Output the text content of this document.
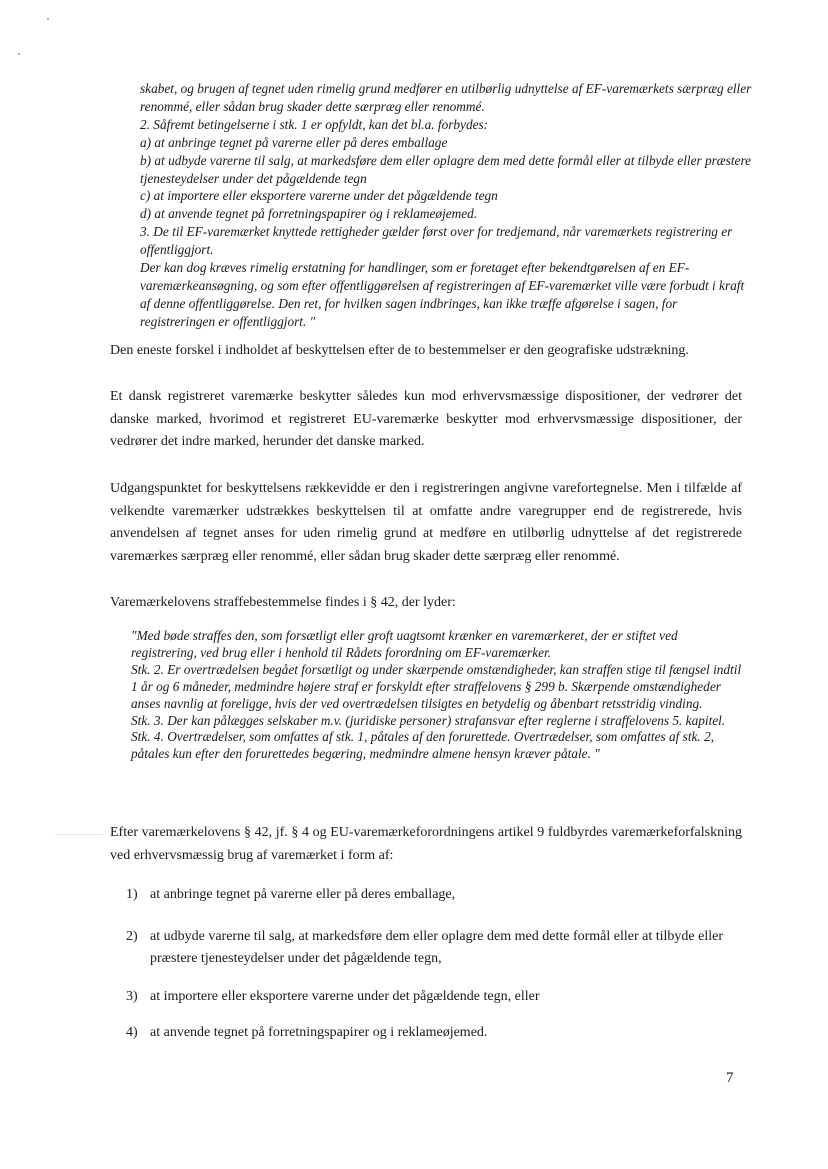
skabet, og brugen af tegnet uden rimelig grund medfører en utilbørlig udnyttelse af EF-varemærkets særpræg eller renommé, eller sådan brug skader dette særpræg eller renommé.

2. Såfremt betingelserne i stk. 1 er opfyldt, kan det bl.a. forbydes:

a) at anbringe tegnet på varerne eller på deres emballage

b) at udbyde varerne til salg, at markedsføre dem eller oplagre dem med dette formål eller at tilbyde eller præstere tjenesteydelser under det pågældende tegn

c) at importere eller eksportere varerne under det pågældende tegn

d) at anvende tegnet på forretningspapirer og i reklameøjemed.

3. De til EF-varemærket knyttede rettigheder gælder først over for tredjemand, når varemærkets registrering er offentliggjort.

Der kan dog kræves rimelig erstatning for handlinger, som er foretaget efter bekendtgørelsen af en EF-varemærkeansøgning, og som efter offentliggørelsen af registreringen af EF-varemærket ville være forbudt i kraft af denne offentliggørelse. Den ret, for hvilken sagen indbringes, kan ikke træffe afgørelse i sagen, for registreringen er offentliggjort. "

Den eneste forskel i indholdet af beskyttelsen efter de to bestemmelser er den geografiske udstrækning.

Et dansk registreret varemærke beskytter således kun mod erhvervsmæssige dispositioner, der vedrører det danske marked, hvorimod et registreret EU-varemærke beskytter mod erhvervsmæssige dispositioner, der vedrører det indre marked, herunder det danske marked.

Udgangspunktet for beskyttelsens rækkevidde er den i registreringen angivne varefortegnelse. Men i tilfælde af velkendte varemærker udstrækkes beskyttelsen til at omfatte andre varegrupper end de registrerede, hvis anvendelsen af tegnet anses for uden rimelig grund at medføre en utilbørlig udnyttelse af det registrerede varemærkes særpræg eller renommé, eller sådan brug skader dette særpræg eller renommé.

Varemærkelovens straffebestemmelse findes i § 42, der lyder:

"Med bøde straffes den, som forsætligt eller groft uagtsomt krænker en varemærkeret, der er stiftet ved registrering, ved brug eller i henhold til Rådets forordning om EF-varemærker.

Stk. 2. Er overtrædelsen begået forsætligt og under skærpende omstændigheder, kan straffen stige til fængsel indtil 1 år og 6 måneder, medmindre højere straf er forskyldt efter straffelovens § 299 b. Skærpende omstændigheder anses navnlig at foreligge, hvis der ved overtrædelsen tilsigtes en betydelig og åbenbart retsstridig vinding.

Stk. 3. Der kan pålægges selskaber m.v. (juridiske personer) strafansvar efter reglerne i straffelovens 5. kapitel.

Stk. 4. Overtrædelser, som omfattes af stk. 1, påtales af den forurettede. Overtrædelser, som omfattes af stk. 2, påtales kun efter den forurettedes begæring, medmindre almene hensyn kræver påtale. "

Efter varemærkelovens § 42, jf. § 4 og EU-varemærkeforordningens artikel 9 fuldbyrdes varemærkeforfalskning ved erhvervsmæssig brug af varemærket i form af:

1) at anbringe tegnet på varerne eller på deres emballage,
2) at udbyde varerne til salg, at markedsføre dem eller oplagre dem med dette formål eller at tilbyde eller præstere tjenesteydelser under det pågældende tegn,
3) at importere eller eksportere varerne under det pågældende tegn, eller
4) at anvende tegnet på forretningspapirer og i reklameøjemed.
7
